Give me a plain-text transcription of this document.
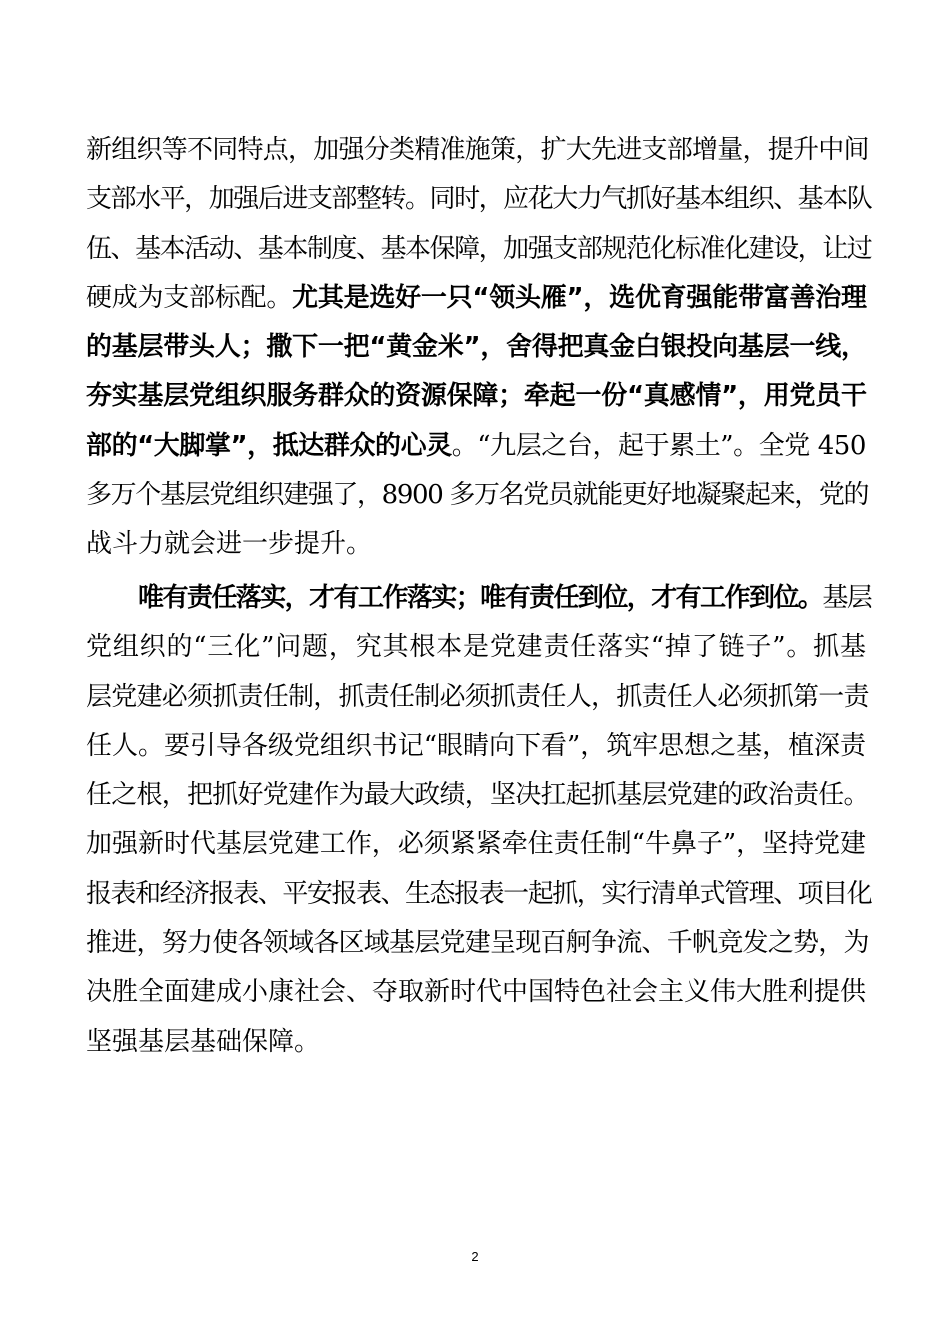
新组织等不同特点，加强分类精准施策，扩大先进支部增量，提升中间
支部水平，加强后进支部整转。同时，应花大力气抓好基本组织、基本队
伍、基本活动、基本制度、基本保障，加强支部规范化标准化建设，让过
硬成为支部标配。尤其是选好一只“领头雁”，选优育强能带富善治理
的基层带头人；撒下一把“黄金米”，舍得把真金白银投向基层一线，
夯实基层党组织服务群众的资源保障；牵起一份“真感情”，用党员干
部的“大脚掌”，抵达群众的心灵。“九层之台，起于累土”。全党 450
多万个基层党组织建强了，8900 多万名党员就能更好地凝聚起来，党的
战斗力就会进一步提升。
唯有责任落实，才有工作落实；唯有责任到位，才有工作到位。基层
党组织的“三化”问题，究其根本是党建责任落实“掉了链子”。抓基
层党建必须抓责任制，抓责任制必须抓责任人，抓责任人必须抓第一责
任人。要引导各级党组织书记“眼睛向下看”，筑牢思想之基，植深责
任之根，把抓好党建作为最大政绩，坚决扛起抓基层党建的政治责任。
加强新时代基层党建工作，必须紧紧牵住责任制“牛鼻子”，坚持党建
报表和经济报表、平安报表、生态报表一起抓，实行清单式管理、项目化
推进，努力使各领域各区域基层党建呈现百舸争流、千帆竞发之势，为
决胜全面建成小康社会、夺取新时代中国特色社会主义伟大胜利提供
坚强基层基础保障。
2
